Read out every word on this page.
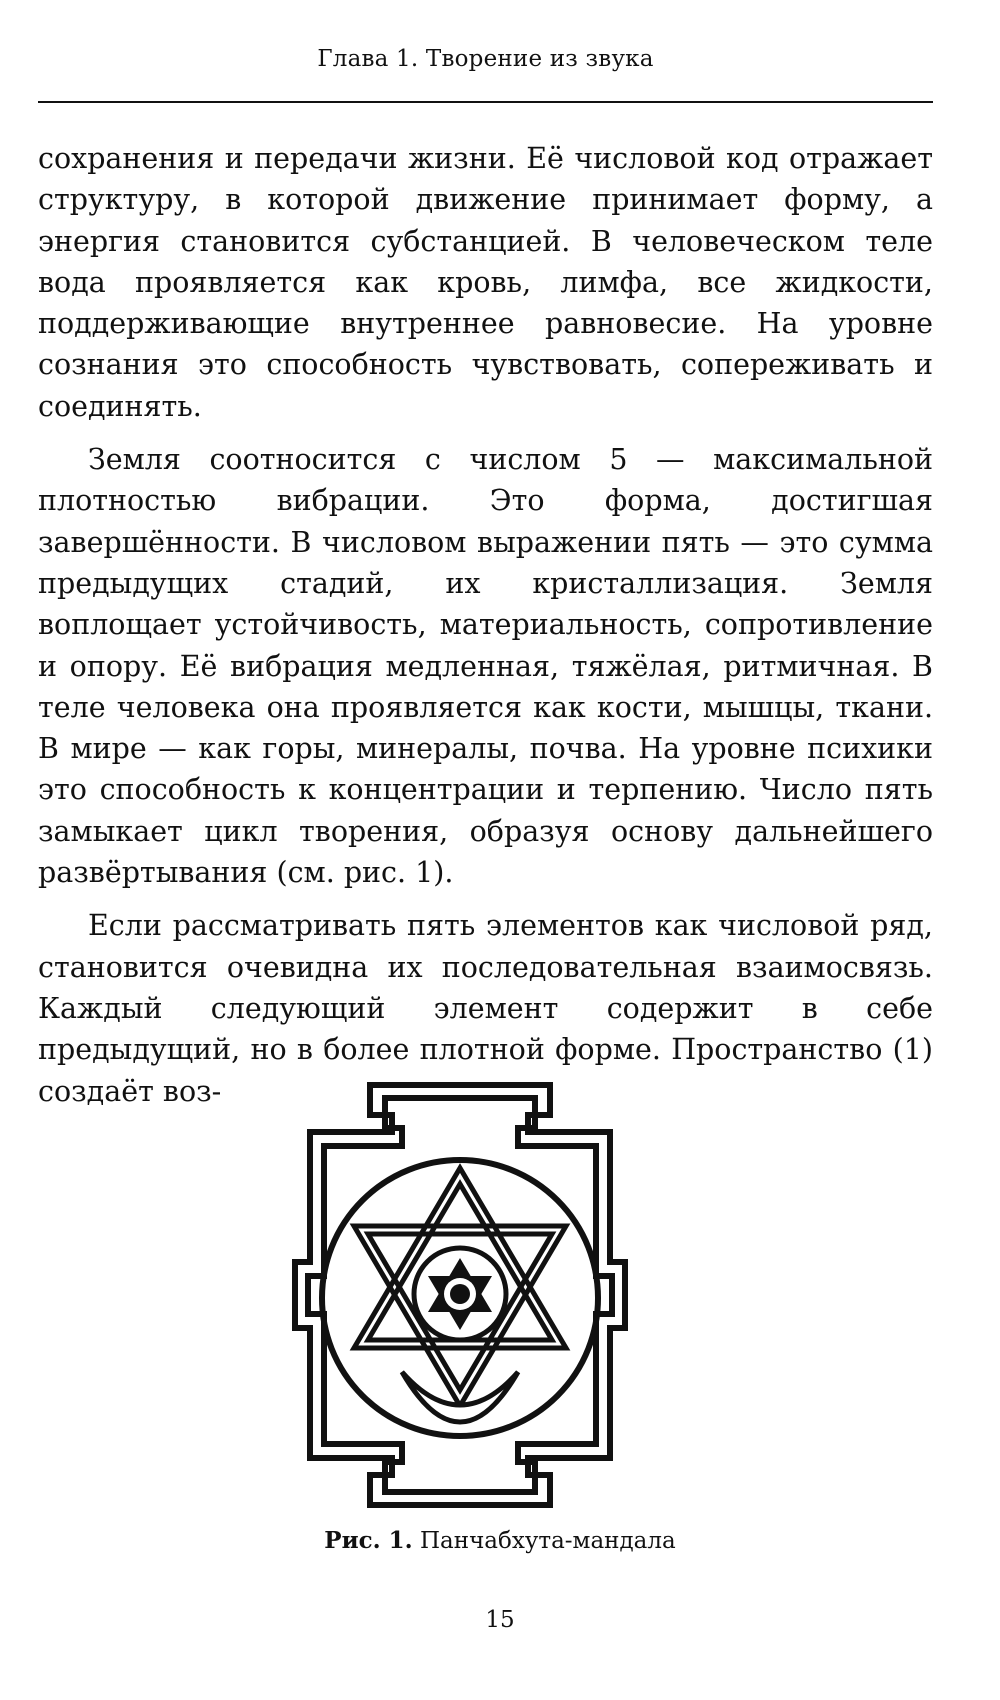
Глава 1. Творение из звука

сохранения и передачи жизни. Её числовой код отражает структуру, в которой движение принимает форму, а энергия становится субстанцией. В человеческом теле вода проявляется как кровь, лимфа, все жидкости, поддерживающие внутреннее равновесие. На уровне сознания это способность чувствовать, сопереживать и соединять.

Земля соотносится с числом 5 — максимальной плотностью вибрации. Это форма, достигшая завершённости. В числовом выражении пять — это сумма предыдущих стадий, их кристаллизация. Земля воплощает устойчивость, материальность, сопротивление и опору. Её вибрация медленная, тяжёлая, ритмичная. В теле человека она проявляется как кости, мышцы, ткани. В мире — как горы, минералы, почва. На уровне психики это способность к концентрации и терпению. Число пять замыкает цикл творения, образуя основу дальнейшего развёртывания (см. рис. 1).

Если рассматривать пять элементов как числовой ряд, становится очевидна их последовательная взаимосвязь. Каждый следующий элемент содержит в себе предыдущий, но в более плотной форме. Пространство (1) создаёт воз-

Рис. 1. Панчабхута-мандала
15
